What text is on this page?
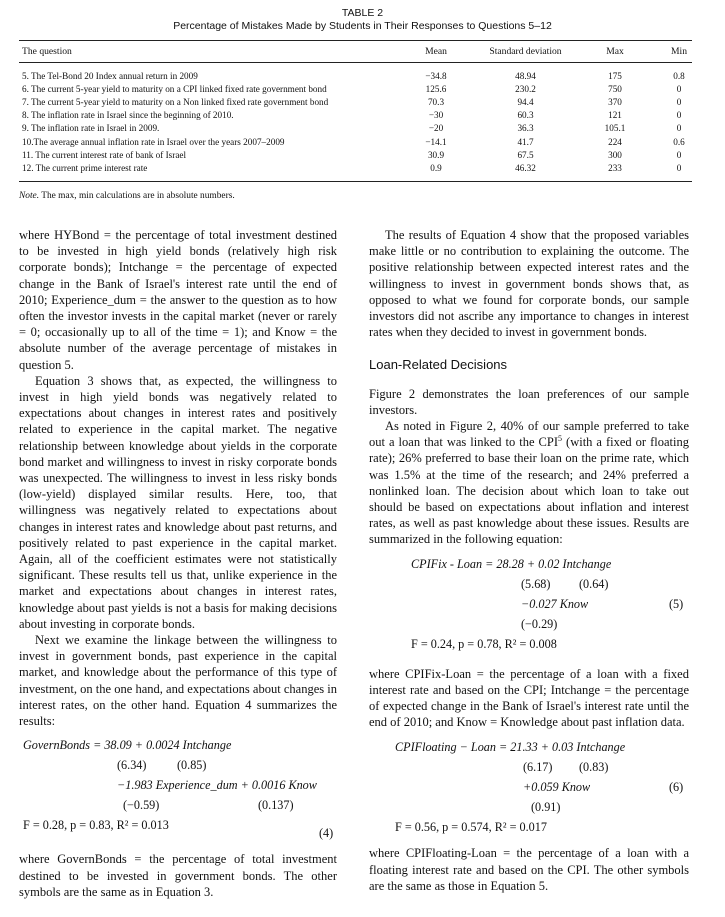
TABLE 2
Percentage of Mistakes Made by Students in Their Responses to Questions 5–12
The question	Mean	Standard deviation	Max	Min
5. The Tel-Bond 20 Index annual return in 2009	−34.8	48.94	175	0.8
6. The current 5-year yield to maturity on a CPI linked fixed rate government bond	125.6	230.2	750	0
7. The current 5-year yield to maturity on a Non linked fixed rate government bond	70.3	94.4	370	0
8. The inflation rate in Israel since the beginning of 2010.	−30	60.3	121	0
9. The inflation rate in Israel in 2009.	−20	36.3	105.1	0
10.The average annual inflation rate in Israel over the years 2007–2009	−14.1	41.7	224	0.6
11. The current interest rate of bank of Israel	30.9	67.5	300	0
12. The current prime interest rate	0.9	46.32	233	0
Note. The max, min calculations are in absolute numbers.

where HYBond = the percentage of total investment destined to be invested in high yield bonds (relatively high risk corporate bonds); Intchange = the percentage of expected change in the Bank of Israel's interest rate until the end of 2010; Experience_dum = the answer to the question as to how often the investor invests in the capital market (never or rarely = 0; occasionally up to all of the time = 1); and Know = the absolute number of the average percentage of mistakes in question 5.

Equation 3 shows that, as expected, the willingness to invest in high yield bonds was negatively related to expectations about changes in interest rates and positively related to experience in the capital market. The negative relationship between knowledge about yields in the corporate bond market and willingness to invest in risky corporate bonds was unexpected. The willingness to invest in less risky bonds (low-yield) displayed similar results. Here, too, that willingness was negatively related to expectations about changes in interest rates and knowledge about past returns, and positively related to past experience in the capital market. Again, all of the coefficient estimates were not statistically significant. These results tell us that, unlike experience in the market and expectations about changes in interest rates, knowledge about past yields is not a basis for making decisions about investing in corporate bonds.

Next we examine the linkage between the willingness to invest in government bonds, past experience in the capital market, and knowledge about the performance of this type of investment, on the one hand, and expectations about changes in interest rates, on the other hand. Equation 4 summarizes the results:

GovernBonds = 38.09 + 0.0024 Intchange
(6.34)	(0.85)
−1.983 Experience_dum + 0.0016 Know
(−0.59)	(0.137)
F = 0.28, p = 0.83, R² = 0.013
(4)

where GovernBonds = the percentage of total investment destined to be invested in government bonds. The other symbols are the same as in Equation 3.

The results of Equation 4 show that the proposed variables make little or no contribution to explaining the outcome. The positive relationship between expected interest rates and the willingness to invest in government bonds shows that, as opposed to what we found for corporate bonds, our sample investors did not ascribe any importance to changes in interest rates when they decided to invest in government bonds.

Loan-Related Decisions

Figure 2 demonstrates the loan preferences of our sample investors.

As noted in Figure 2, 40% of our sample preferred to take out a loan that was linked to the CPI$^5$ (with a fixed or floating rate); 26% preferred to base their loan on the prime rate, which was 1.5% at the time of the research; and 24% preferred a nonlinked loan. The decision about which loan to take out should be based on expectations about inflation and interest rates, as well as past knowledge about these issues. Results are summarized in the following equation:

CPIFix - Loan = 28.28 + 0.02 Intchange
(5.68) (0.64)
−0.027 Know	(5)
(−0.29)
F = 0.24, p = 0.78, R² = 0.008

where CPIFix-Loan = the percentage of a loan with a fixed interest rate and based on the CPI; Intchange = the percentage of expected change in the Bank of Israel's interest rate until the end of 2010; and Know = Knowledge about past inflation data.

CPIFloating − Loan = 21.33 + 0.03 Intchange
(6.17) (0.83)
+0.059 Know	(6)
(0.91)
F = 0.56, p = 0.574, R² = 0.017

where CPIFloating-Loan = the percentage of a loan with a floating interest rate and based on the CPI. The other symbols are the same as those in Equation 5.
